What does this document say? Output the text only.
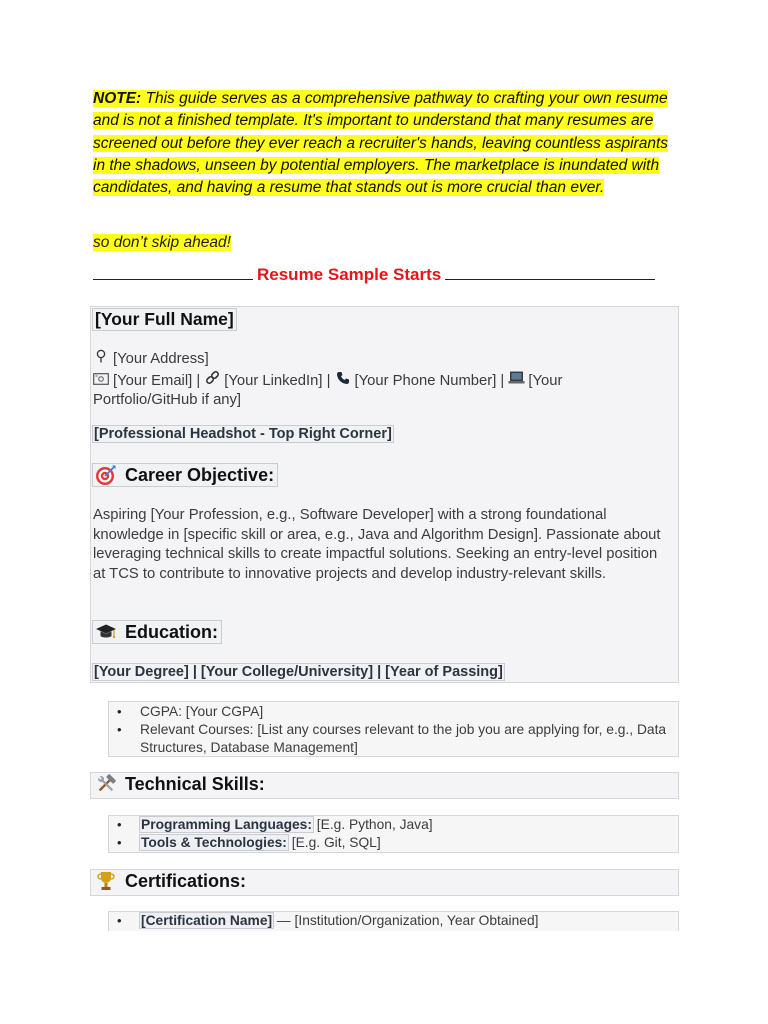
NOTE: This guide serves as a comprehensive pathway to crafting your own resume and is not a finished template. It's important to understand that many resumes are screened out before they ever reach a recruiter's hands, leaving countless aspirants in the shadows, unseen by potential employers. The marketplace is inundated with candidates, and having a resume that stands out is more crucial than ever.
so don’t skip ahead!
Resume Sample Starts
[Your Full Name]
[Your Address]
[Your Email] | [Your LinkedIn] | [Your Phone Number] | [Your Portfolio/GitHub if any]
[Professional Headshot - Top Right Corner]
Career Objective:
Aspiring [Your Profession, e.g., Software Developer] with a strong foundational knowledge in [specific skill or area, e.g., Java and Algorithm Design]. Passionate about leveraging technical skills to create impactful solutions. Seeking an entry-level position at TCS to contribute to innovative projects and develop industry-relevant skills.
Education:
[Your Degree] | [Your College/University] | [Year of Passing]
• CGPA: [Your CGPA]
• Relevant Courses: [List any courses relevant to the job you are applying for, e.g., Data Structures, Database Management]
Technical Skills:
• Programming Languages: [E.g. Python, Java]
• Tools & Technologies: [E.g. Git, SQL]
Certifications:
• [Certification Name] — [Institution/Organization, Year Obtained]
